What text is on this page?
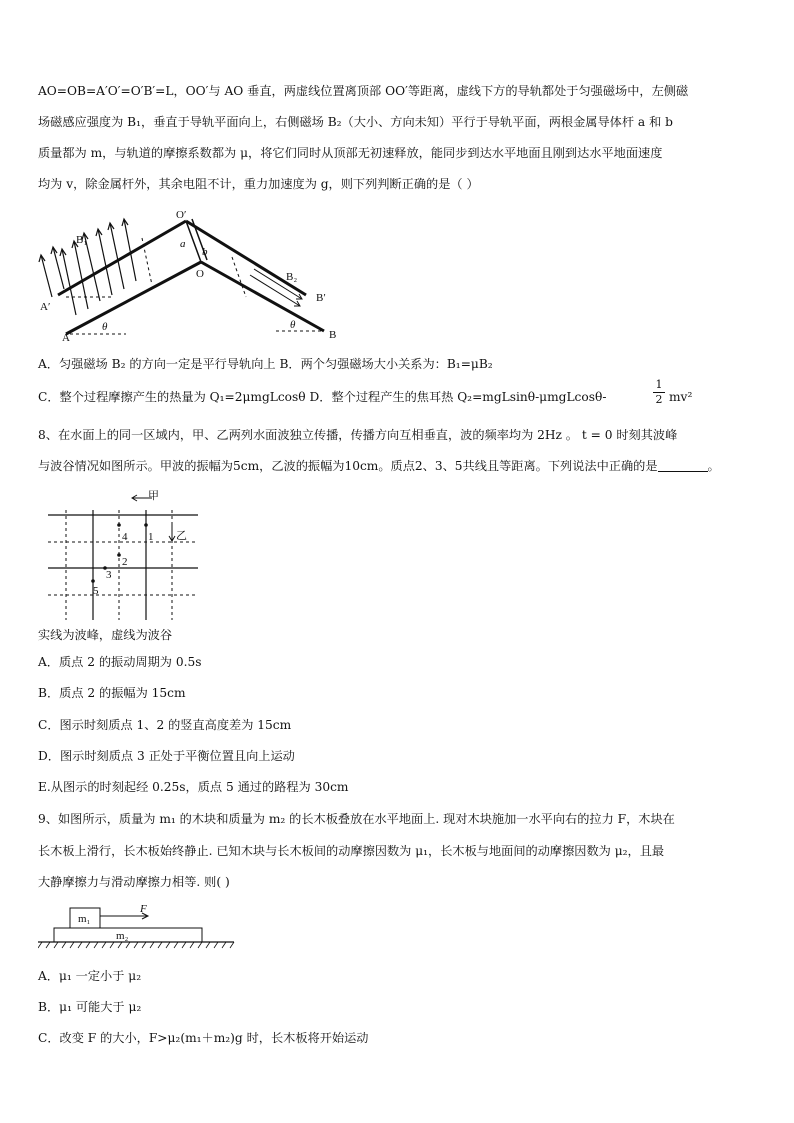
AO=OB=A′O′=O′B′=L，OO′与 AO 垂直，两虚线位置离顶部 OO′等距离，虚线下方的导轨都处于匀强磁场中，左侧磁
场磁感应强度为 B₁，垂直于导轨平面向上，右侧磁场 B₂（大小、方向未知）平行于导轨平面，两根金属导体杆 a 和 b
质量都为 m，与轨道的摩擦系数都为 μ，将它们同时从顶部无初速释放，能同步到达水平地面且刚到达水平地面速度
均为 v，除金属杆外，其余电阻不计，重力加速度为 g，则下列判断正确的是（ ）
B₁
B₂
A′
A
O′
O
a
b
B′
B
θ	θ
A．匀强磁场 B₂ 的方向一定是平行导轨向上 B．两个匀强磁场大小关系为：B₁=μB₂
C．整个过程摩擦产生的热量为 Q₁=2μmgLcosθ D．整个过程产生的焦耳热 Q₂=mgLsinθ-μmgLcosθ-	$\frac{1}{2} mv^2$
8、在水面上的同一区域内，甲、乙两列水面波独立传播，传播方向互相垂直，波的频率均为 2Hz 。 t = 0 时刻其波峰
与波谷情况如图所示。甲波的振幅为5cm，乙波的振幅为10cm。质点2、3、5共线且等距离。下列说法中正确的是	。
甲
乙
4 1
2
3
5
实线为波峰，虚线为波谷
A．质点 2 的振动周期为 0.5s
B．质点 2 的振幅为 15cm
C．图示时刻质点 1、2 的竖直高度差为 15cm
D．图示时刻质点 3 正处于平衡位置且向上运动
E.从图示的时刻起经 0.25s，质点 5 通过的路程为 30cm
9、如图所示，质量为 m₁ 的木块和质量为 m₂ 的长木板叠放在水平地面上. 现对木块施加一水平向右的拉力 F，木块在
长木板上滑行，长木板始终静止. 已知木块与长木板间的动摩擦因数为 μ₁，长木板与地面间的动摩擦因数为 μ₂，且最
大静摩擦力与滑动摩擦力相等. 则( )
m₁
F
m₂
A．μ₁ 一定小于 μ₂
B．μ₁ 可能大于 μ₂
C．改变 F 的大小，F>μ₂(m₁＋m₂)g 时，长木板将开始运动
